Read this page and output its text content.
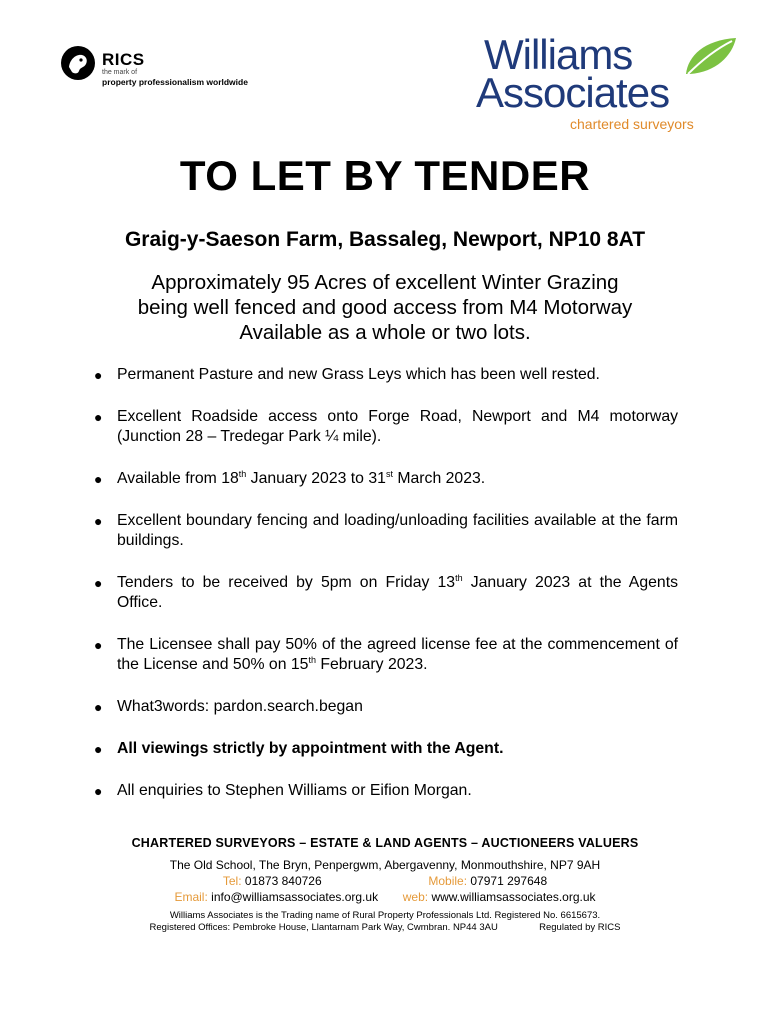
RICS
the mark of
property professionalism worldwide
Williams
Associates
chartered surveyors
TO LET BY TENDER
Graig-y-Saeson Farm, Bassaleg, Newport, NP10 8AT
Approximately 95 Acres of excellent Winter Grazing
being well fenced and good access from M4 Motorway
Available as a whole or two lots.
● Permanent Pasture and new Grass Leys which has been well rested.
● Excellent Roadside access onto Forge Road, Newport and M4 motorway (Junction 28 – Tredegar Park ¼ mile).
● Available from 18th January 2023 to 31st March 2023.
● Excellent boundary fencing and loading/unloading facilities available at the farm buildings.
● Tenders to be received by 5pm on Friday 13th January 2023 at the Agents Office.
● The Licensee shall pay 50% of the agreed license fee at the commencement of the License and 50% on 15th February 2023.
● What3words: pardon.search.began
● All viewings strictly by appointment with the Agent.
● All enquiries to Stephen Williams or Eifion Morgan.
CHARTERED SURVEYORS – ESTATE & LAND AGENTS – AUCTIONEERS VALUERS
The Old School, The Bryn, Penpergwm, Abergavenny, Monmouthshire, NP7 9AH
Tel: 01873 840726	Mobile: 07971 297648
Email: info@williamsassociates.org.uk web: www.williamsassociates.org.uk
Williams Associates is the Trading name of Rural Property Professionals Ltd. Registered No. 6615673.
Registered Offices: Pembroke House, Llantarnam Park Way, Cwmbran. NP44 3AU	Regulated by RICS
